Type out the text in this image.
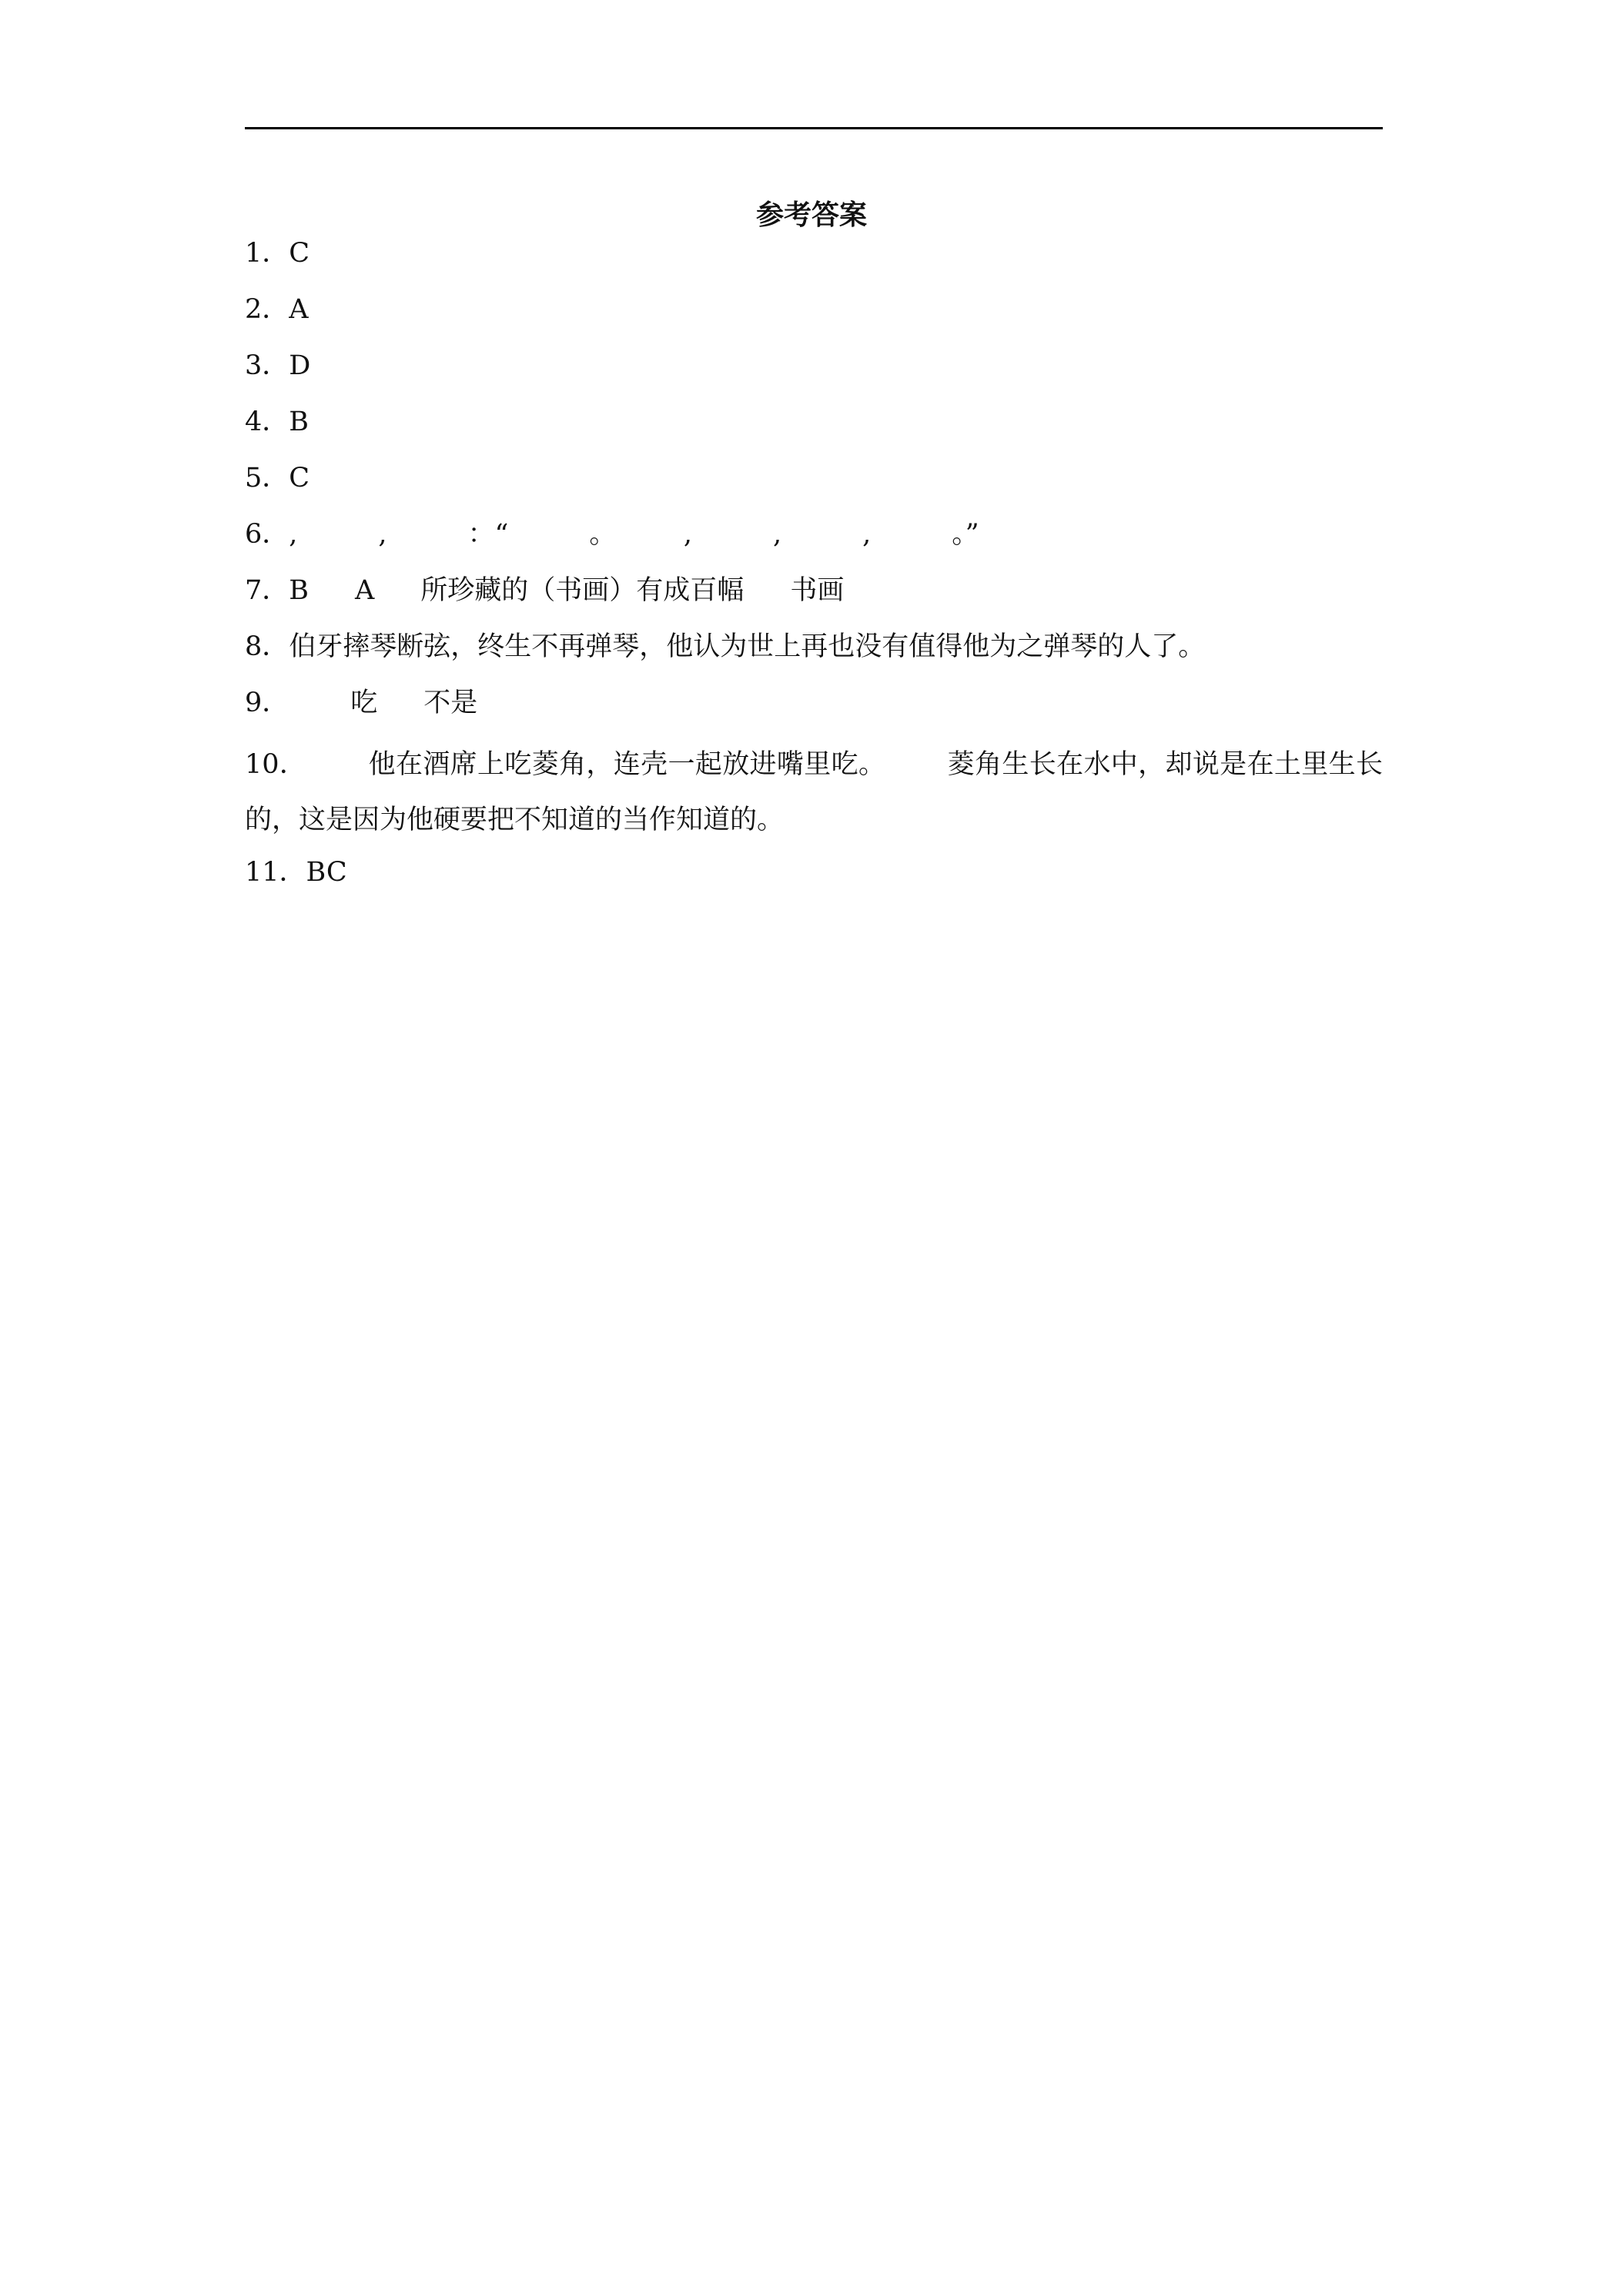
参考答案
1．C
2．A
3．D
4．B
5．C
6．,　　　,　　　：“　　　。　　　,　　　,　　　,　　　。”
7．B A 所珍藏的（书画）有成百幅 书画
8．伯牙摔琴断弦，终生不再弹琴，他认为世上再也没有值得他为之弹琴的人了。
9． 吃 不是
10． 他在酒席上吃菱角，连壳一起放进嘴里吃。 菱角生长在水中，却说是在土里生长的，这是因为他硬要把不知道的当作知道的。
11．BC
